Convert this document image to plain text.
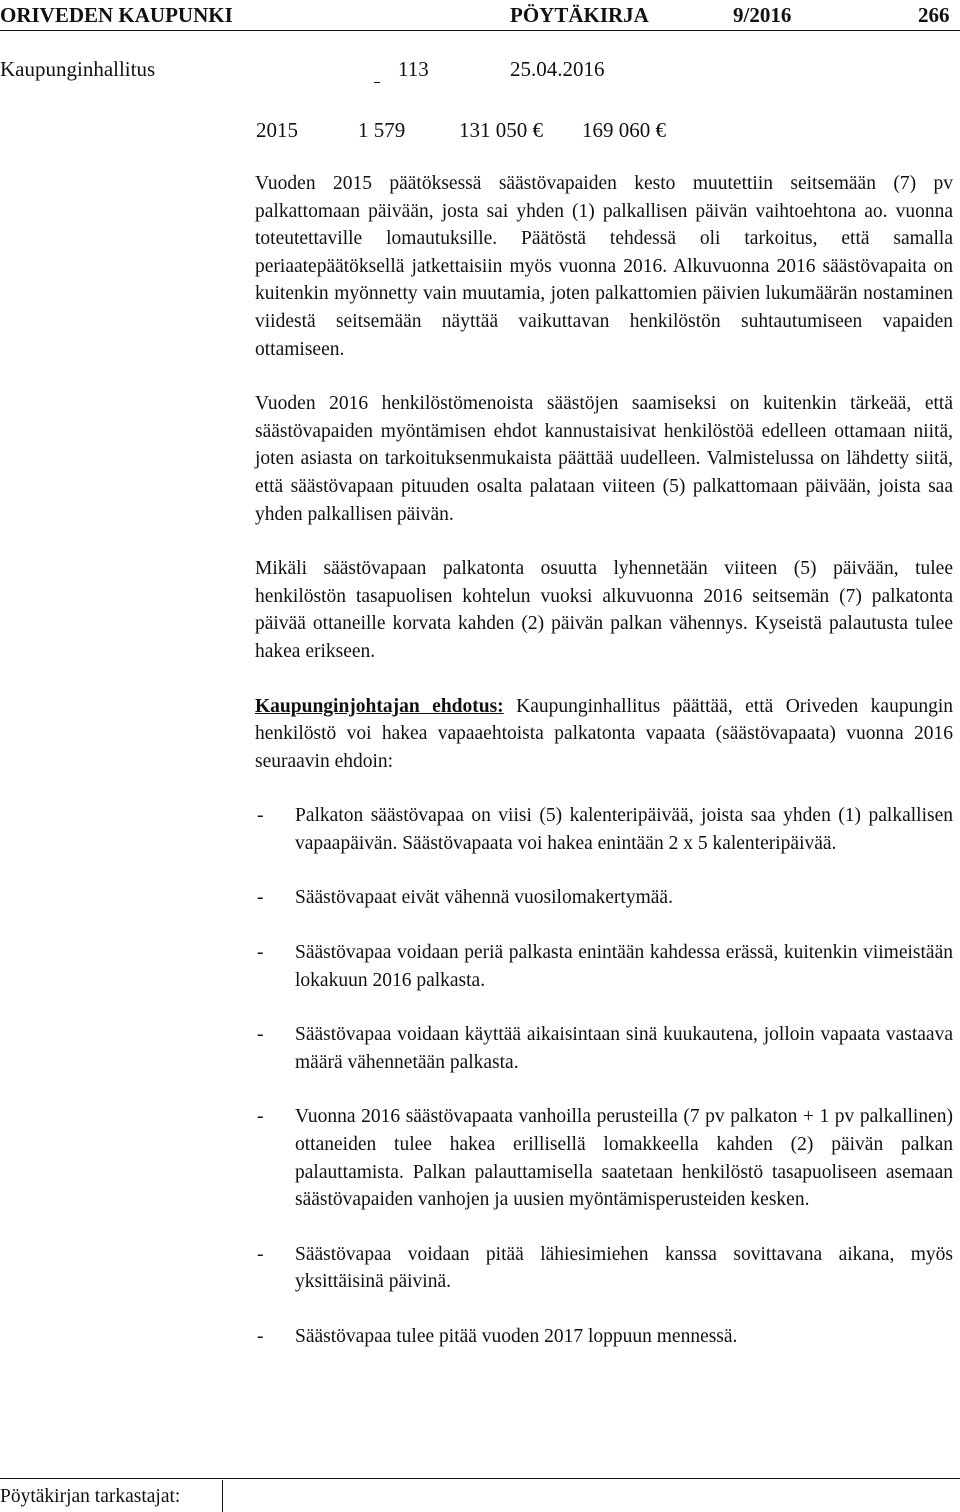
ORIVEDEN KAUPUNKI	PÖYTÄKIRJA	9/2016	266
Kaupunginhallitus	113	25.04.2016
2015	1 579	131 050 € 169 060 €

Vuoden 2015 päätöksessä säästövapaiden kesto muutettiin seitsemään (7) pv palkattomaan päivään, josta sai yhden (1) palkallisen päivän vaihtoehtona ao. vuonna toteutettaville lomautuksille. Päätöstä tehdessä oli tarkoitus, että samalla periaatepäätöksellä jatkettaisiin myös vuonna 2016. Alkuvuonna 2016 säästövapaita on kuitenkin myönnetty vain muutamia, joten palkattomien päivien lukumäärän nostaminen viidestä seitsemään näyttää vaikuttavan henkilöstön suhtautumiseen vapaiden ottamiseen.

Vuoden 2016 henkilöstömenoista säästöjen saamiseksi on kuitenkin tärkeää, että säästövapaiden myöntämisen ehdot kannustaisivat henkilöstöä edelleen ottamaan niitä, joten asiasta on tarkoituksenmukaista päättää uudelleen. Valmistelussa on lähdetty siitä, että säästövapaan pituuden osalta palataan viiteen (5) palkattomaan päivään, joista saa yhden palkallisen päivän.

Mikäli säästövapaan palkatonta osuutta lyhennetään viiteen (5) päivään, tulee henkilöstön tasapuolisen kohtelun vuoksi alkuvuonna 2016 seitsemän (7) palkatonta päivää ottaneille korvata kahden (2) päivän palkan vähennys. Kyseistä palautusta tulee hakea erikseen.

Kaupunginjohtajan ehdotus: Kaupunginhallitus päättää, että Oriveden kaupungin henkilöstö voi hakea vapaaehtoista palkatonta vapaata (säästövapaata) vuonna 2016 seuraavin ehdoin:

- Palkaton säästövapaa on viisi (5) kalenteripäivää, joista saa yhden (1) palkallisen vapaapäivän. Säästövapaata voi hakea enintään 2 x 5 kalenteripäivää.
- Säästövapaat eivät vähennä vuosilomakertymää.
- Säästövapaa voidaan periä palkasta enintään kahdessa erässä, kuitenkin viimeistään lokakuun 2016 palkasta.
- Säästövapaa voidaan käyttää aikaisintaan sinä kuukautena, jolloin vapaata vastaava määrä vähennetään palkasta.
- Vuonna 2016 säästövapaata vanhoilla perusteilla (7 pv palkaton + 1 pv palkallinen) ottaneiden tulee hakea erillisellä lomakkeella kahden (2) päivän palkan palauttamista. Palkan palauttamisella saatetaan henkilöstö tasapuoliseen asemaan säästövapaiden vanhojen ja uusien myöntämisperusteiden kesken.
- Säästövapaa voidaan pitää lähiesimiehen kanssa sovittavana aikana, myös yksittäisinä päivinä.
- Säästövapaa tulee pitää vuoden 2017 loppuun mennessä.
Pöytäkirjan tarkastajat:
